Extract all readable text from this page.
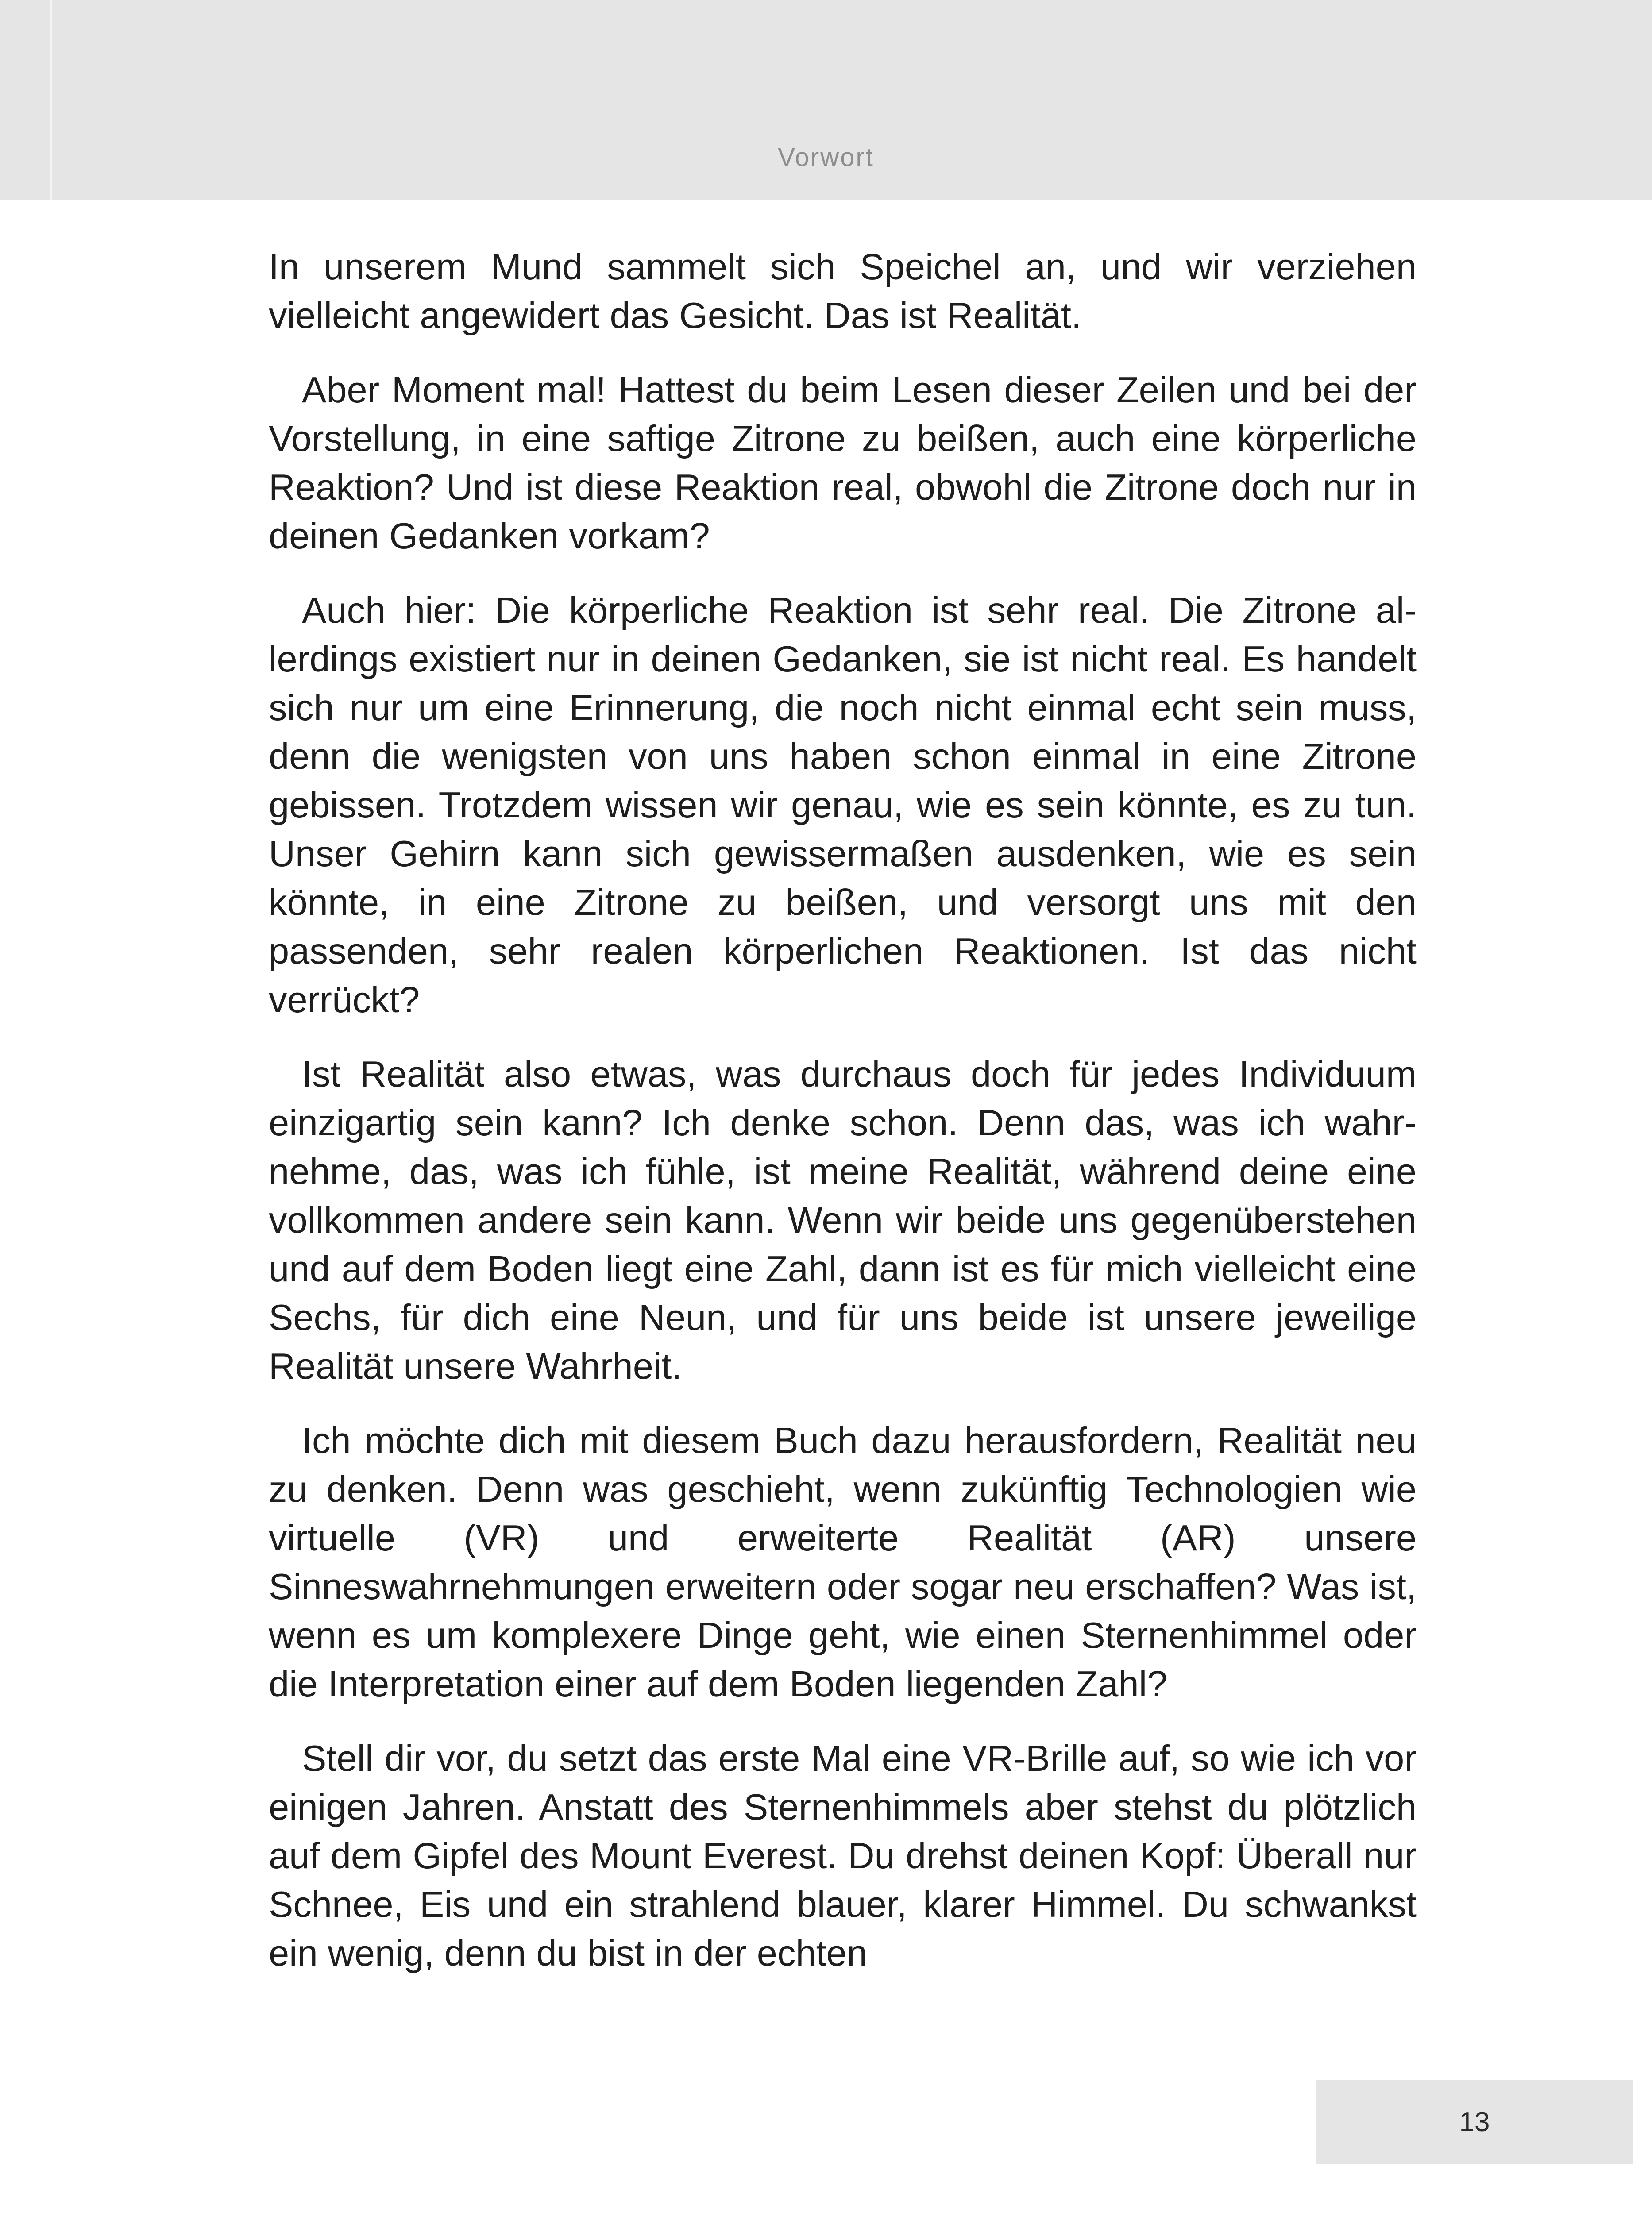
Vorwort

In unserem Mund sammelt sich Speichel an, und wir verziehen vielleicht angewidert das Gesicht. Das ist Realität.

Aber Moment mal! Hattest du beim Lesen dieser Zeilen und bei der Vorstellung, in eine saftige Zitrone zu beißen, auch eine körperliche Reaktion? Und ist diese Reaktion real, obwohl die Zitrone doch nur in deinen Gedanken vorkam?

Auch hier: Die körperliche Reaktion ist sehr real. Die Zitrone allerdings existiert nur in deinen Gedanken, sie ist nicht real. Es handelt sich nur um eine Erinnerung, die noch nicht einmal echt sein muss, denn die wenigsten von uns haben schon einmal in eine Zitrone gebissen. Trotzdem wissen wir genau, wie es sein könnte, es zu tun. Unser Gehirn kann sich gewissermaßen ausdenken, wie es sein könnte, in eine Zitrone zu beißen, und versorgt uns mit den passenden, sehr realen körperlichen Reaktionen. Ist das nicht verrückt?

Ist Realität also etwas, was durchaus doch für jedes Individuum einzigartig sein kann? Ich denke schon. Denn das, was ich wahrnehme, das, was ich fühle, ist meine Realität, während deine eine vollkommen andere sein kann. Wenn wir beide uns gegenüberstehen und auf dem Boden liegt eine Zahl, dann ist es für mich vielleicht eine Sechs, für dich eine Neun, und für uns beide ist unsere jeweilige Realität unsere Wahrheit.

Ich möchte dich mit diesem Buch dazu herausfordern, Realität neu zu denken. Denn was geschieht, wenn zukünftig Technologien wie virtuelle (VR) und erweiterte Realität (AR) unsere Sinneswahrnehmungen erweitern oder sogar neu erschaffen? Was ist, wenn es um komplexere Dinge geht, wie einen Sternenhimmel oder die Interpretation einer auf dem Boden liegenden Zahl?

Stell dir vor, du setzt das erste Mal eine VR-Brille auf, so wie ich vor einigen Jahren. Anstatt des Sternenhimmels aber stehst du plötzlich auf dem Gipfel des Mount Everest. Du drehst deinen Kopf: Überall nur Schnee, Eis und ein strahlend blauer, klarer Himmel. Du schwankst ein wenig, denn du bist in der echten

13
